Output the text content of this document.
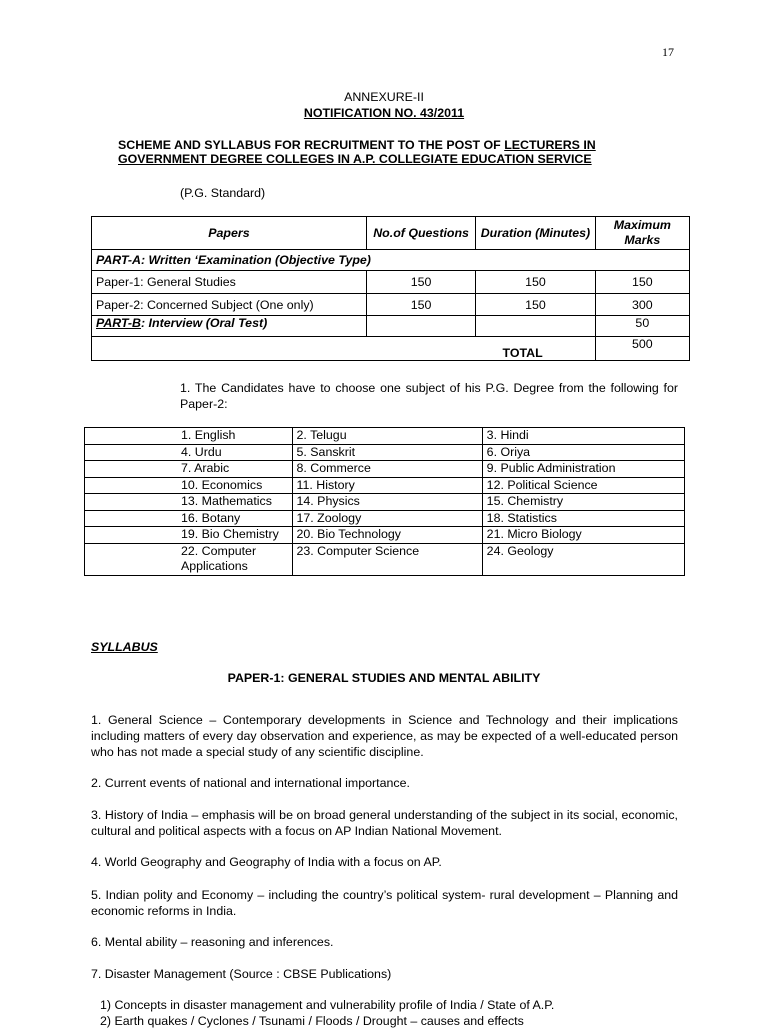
17
ANNEXURE-II
NOTIFICATION NO. 43/2011
SCHEME AND SYLLABUS FOR RECRUITMENT TO THE POST OF LECTURERS IN
GOVERNMENT DEGREE COLLEGES IN A.P. COLLEGIATE EDUCATION SERVICE
(P.G. Standard)
Papers	No.of Questions	Duration (Minutes)	Maximum Marks
PART-A: Written ‘Examination (Objective Type)			
Paper-1: General Studies	150	150	150
Paper-2: Concerned Subject (One only)	150	150	300
PART-B: Interview (Oral Test)			50
TOTAL			500
1. The Candidates have to choose one subject of his P.G. Degree from the following for Paper-2:
1. English	2. Telugu	3. Hindi

4. Urdu	5. Sanskrit	6. Oriya

7. Arabic	8. Commerce	9. Public Administration

10. Economics	11. History	12. Political Science

13. Mathematics	14. Physics	15. Chemistry

16. Botany	17. Zoology	18. Statistics

19. Bio Chemistry	20. Bio Technology	21. Micro Biology

22. Computer Applications	23. Computer Science	24. Geology
SYLLABUS
PAPER-1: GENERAL STUDIES AND MENTAL ABILITY
1. General Science – Contemporary developments in Science and Technology and their implications including matters of every day observation and experience, as may be expected of a well-educated person who has not made a special study of any scientific discipline.
2. Current events of national and international importance.
3. History of India – emphasis will be on broad general understanding of the subject in its social, economic, cultural and political aspects with a focus on AP Indian National Movement.
4. World Geography and Geography of India with a focus on AP.
5. Indian polity and Economy – including the country’s political system- rural development – Planning and economic reforms in India.
6. Mental ability – reasoning and inferences.
7. Disaster Management (Source : CBSE Publications)
1) Concepts in disaster management and vulnerability profile of India / State of A.P.
2) Earth quakes / Cyclones / Tsunami / Floods / Drought – causes and effects
